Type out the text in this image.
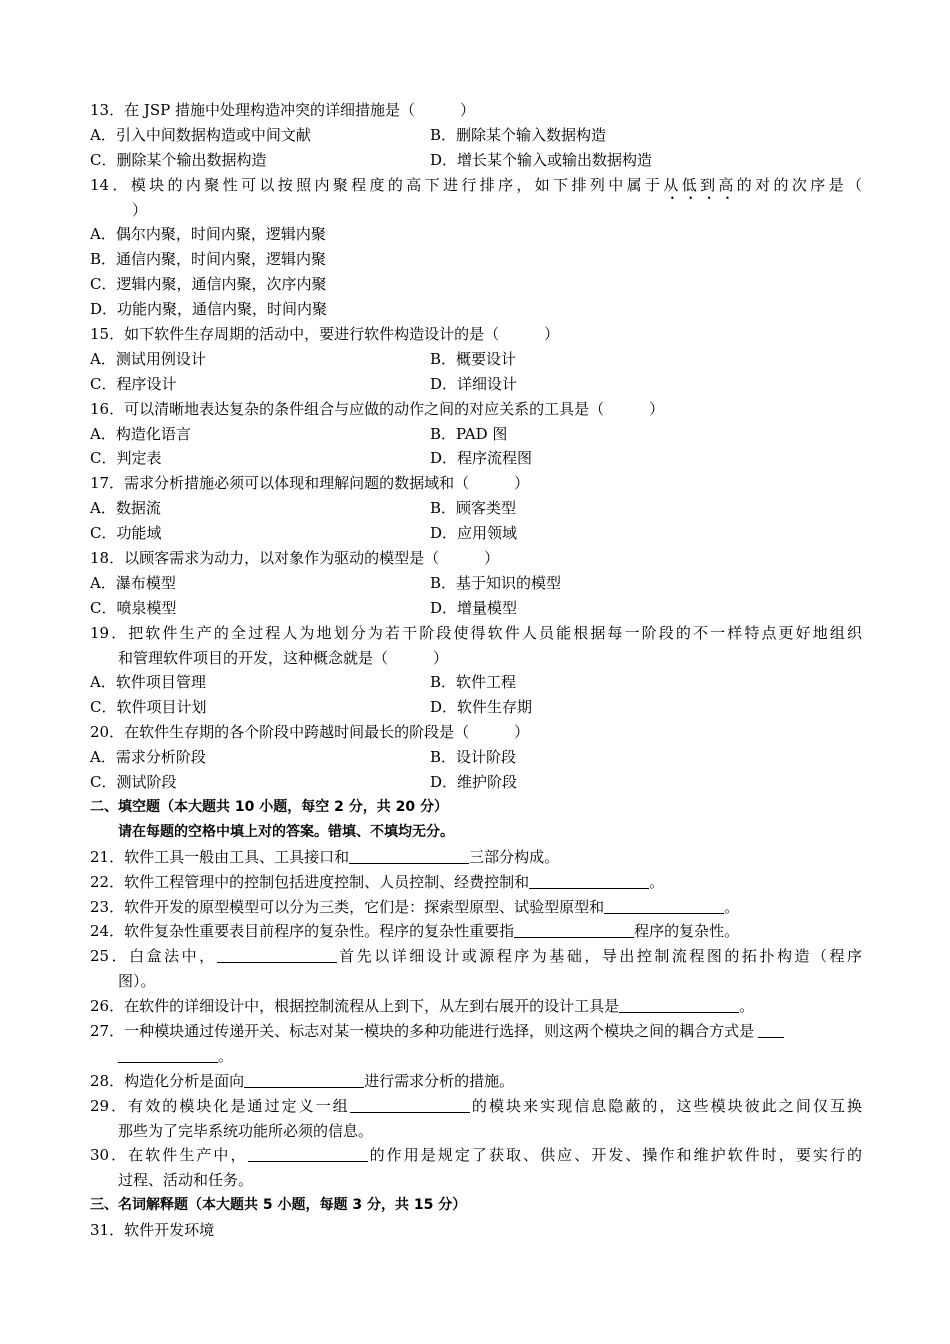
13．在 JSP 措施中处理构造冲突的详细措施是（　　　）
A．引入中间数据构造或中间文献	B．删除某个输入数据构造
C．删除某个输出数据构造	D．增长某个输入或输出数据构造
14．模块的内聚性可以按照内聚程度的高下进行排序，如下排列中属于从低到高的对的次序是（
）
A．偶尔内聚，时间内聚，逻辑内聚
B．通信内聚，时间内聚，逻辑内聚
C．逻辑内聚，通信内聚，次序内聚
D．功能内聚，通信内聚，时间内聚
15．如下软件生存周期的活动中，要进行软件构造设计的是（　　　）
A．测试用例设计	B．概要设计
C．程序设计	D．详细设计
16．可以清晰地表达复杂的条件组合与应做的动作之间的对应关系的工具是（　　　）
A．构造化语言	B．PAD 图
C．判定表	D．程序流程图
17．需求分析措施必须可以体现和理解问题的数据域和（　　　）
A．数据流	B．顾客类型
C．功能域	D．应用领域
18．以顾客需求为动力，以对象作为驱动的模型是（　　　）
A．瀑布模型	B．基于知识的模型
C．喷泉模型	D．增量模型
19．把软件生产的全过程人为地划分为若干阶段使得软件人员能根据每一阶段的不一样特点更好地组织
和管理软件项目的开发，这种概念就是（　　　）
A．软件项目管理	B．软件工程
C．软件项目计划	D．软件生存期
20．在软件生存期的各个阶段中跨越时间最长的阶段是（　　　）
A．需求分析阶段	B．设计阶段
C．测试阶段	D．维护阶段
二、填空题（本大题共 10 小题，每空 2 分，共 20 分）
请在每题的空格中填上对的答案。错填、不填均无分。
21．软件工具一般由工具、工具接口和	三部分构成。
22．软件工程管理中的控制包括进度控制、人员控制、经费控制和	。
23．软件开发的原型模型可以分为三类，它们是：探索型原型、试验型原型和	。
24．软件复杂性重要表目前程序的复杂性。程序的复杂性重要指	程序的复杂性。
25．白盒法中，	首先以详细设计或源程序为基础，导出控制流程图的拓扑构造（程序
图）。
26．在软件的详细设计中，根据控制流程从上到下，从左到右展开的设计工具是	。
27．一种模块通过传递开关、标志对某一模块的多种功能进行选择，则这两个模块之间的耦合方式是
。
28．构造化分析是面向	进行需求分析的措施。
29．有效的模块化是通过定义一组	的模块来实现信息隐蔽的，这些模块彼此之间仅互换
那些为了完毕系统功能所必须的信息。
30．在软件生产中，	的作用是规定了获取、供应、开发、操作和维护软件时，要实行的
过程、活动和任务。
三、名词解释题（本大题共 5 小题，每题 3 分，共 15 分）
31．软件开发环境
